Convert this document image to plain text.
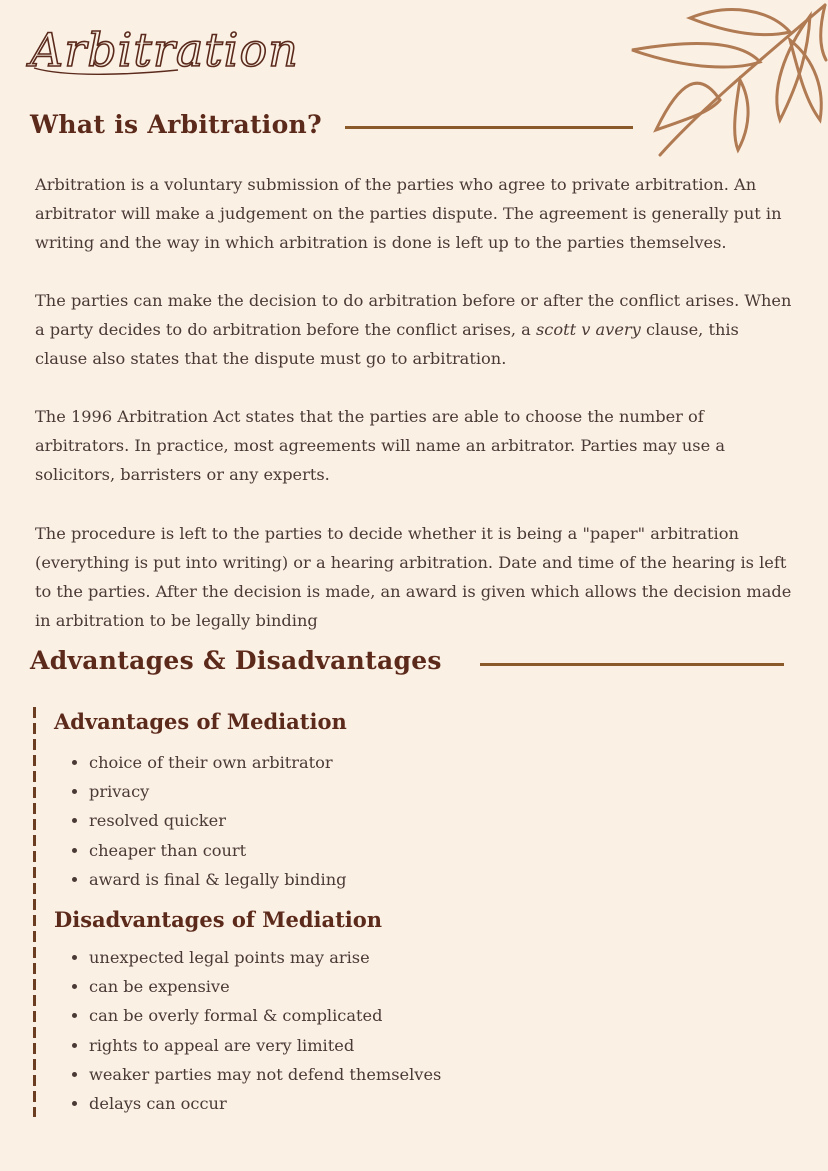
Arbitration
What is Arbitration?

Arbitration is a voluntary submission of the parties who agree to private arbitration. An arbitrator will make a judgement on the parties dispute. The agreement is generally put in writing and the way in which arbitration is done is left up to the parties themselves.

The parties can make the decision to do arbitration before or after the conflict arises. When a party decides to do arbitration before the conflict arises, a scott v avery clause, this clause also states that the dispute must go to arbitration.

The 1996 Arbitration Act states that the parties are able to choose the number of arbitrators. In practice, most agreements will name an arbitrator. Parties may use a solicitors, barristers or any experts.

The procedure is left to the parties to decide whether it is being a "paper" arbitration (everything is put into writing) or a hearing arbitration. Date and time of the hearing is left to the parties. After the decision is made, an award is given which allows the decision made in arbitration to be legally binding

Advantages & Disadvantages
Advantages of Mediation
• choice of their own arbitrator
• privacy
• resolved quicker
• cheaper than court
• award is final & legally binding
Disadvantages of Mediation
• unexpected legal points may arise
• can be expensive
• can be overly formal & complicated
• rights to appeal are very limited
• weaker parties may not defend themselves
• delays can occur
